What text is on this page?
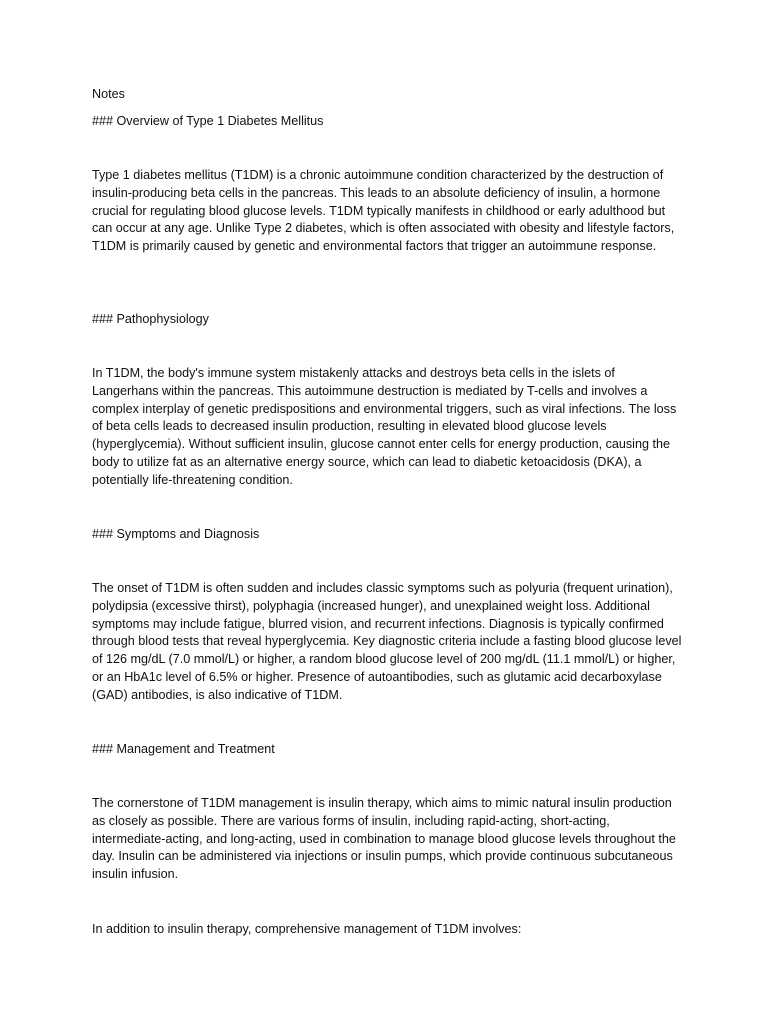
Notes

### Overview of Type 1 Diabetes Mellitus

Type 1 diabetes mellitus (T1DM) is a chronic autoimmune condition characterized by the destruction of insulin-producing beta cells in the pancreas. This leads to an absolute deficiency of insulin, a hormone crucial for regulating blood glucose levels. T1DM typically manifests in childhood or early adulthood but can occur at any age. Unlike Type 2 diabetes, which is often associated with obesity and lifestyle factors, T1DM is primarily caused by genetic and environmental factors that trigger an autoimmune response.

### Pathophysiology

In T1DM, the body's immune system mistakenly attacks and destroys beta cells in the islets of Langerhans within the pancreas. This autoimmune destruction is mediated by T-cells and involves a complex interplay of genetic predispositions and environmental triggers, such as viral infections. The loss of beta cells leads to decreased insulin production, resulting in elevated blood glucose levels (hyperglycemia). Without sufficient insulin, glucose cannot enter cells for energy production, causing the body to utilize fat as an alternative energy source, which can lead to diabetic ketoacidosis (DKA), a potentially life-threatening condition.

### Symptoms and Diagnosis

The onset of T1DM is often sudden and includes classic symptoms such as polyuria (frequent urination), polydipsia (excessive thirst), polyphagia (increased hunger), and unexplained weight loss. Additional symptoms may include fatigue, blurred vision, and recurrent infections. Diagnosis is typically confirmed through blood tests that reveal hyperglycemia. Key diagnostic criteria include a fasting blood glucose level of 126 mg/dL (7.0 mmol/L) or higher, a random blood glucose level of 200 mg/dL (11.1 mmol/L) or higher, or an HbA1c level of 6.5% or higher. Presence of autoantibodies, such as glutamic acid decarboxylase (GAD) antibodies, is also indicative of T1DM.

### Management and Treatment

The cornerstone of T1DM management is insulin therapy, which aims to mimic natural insulin production as closely as possible. There are various forms of insulin, including rapid-acting, short-acting, intermediate-acting, and long-acting, used in combination to manage blood glucose levels throughout the day. Insulin can be administered via injections or insulin pumps, which provide continuous subcutaneous insulin infusion.

In addition to insulin therapy, comprehensive management of T1DM involves:
